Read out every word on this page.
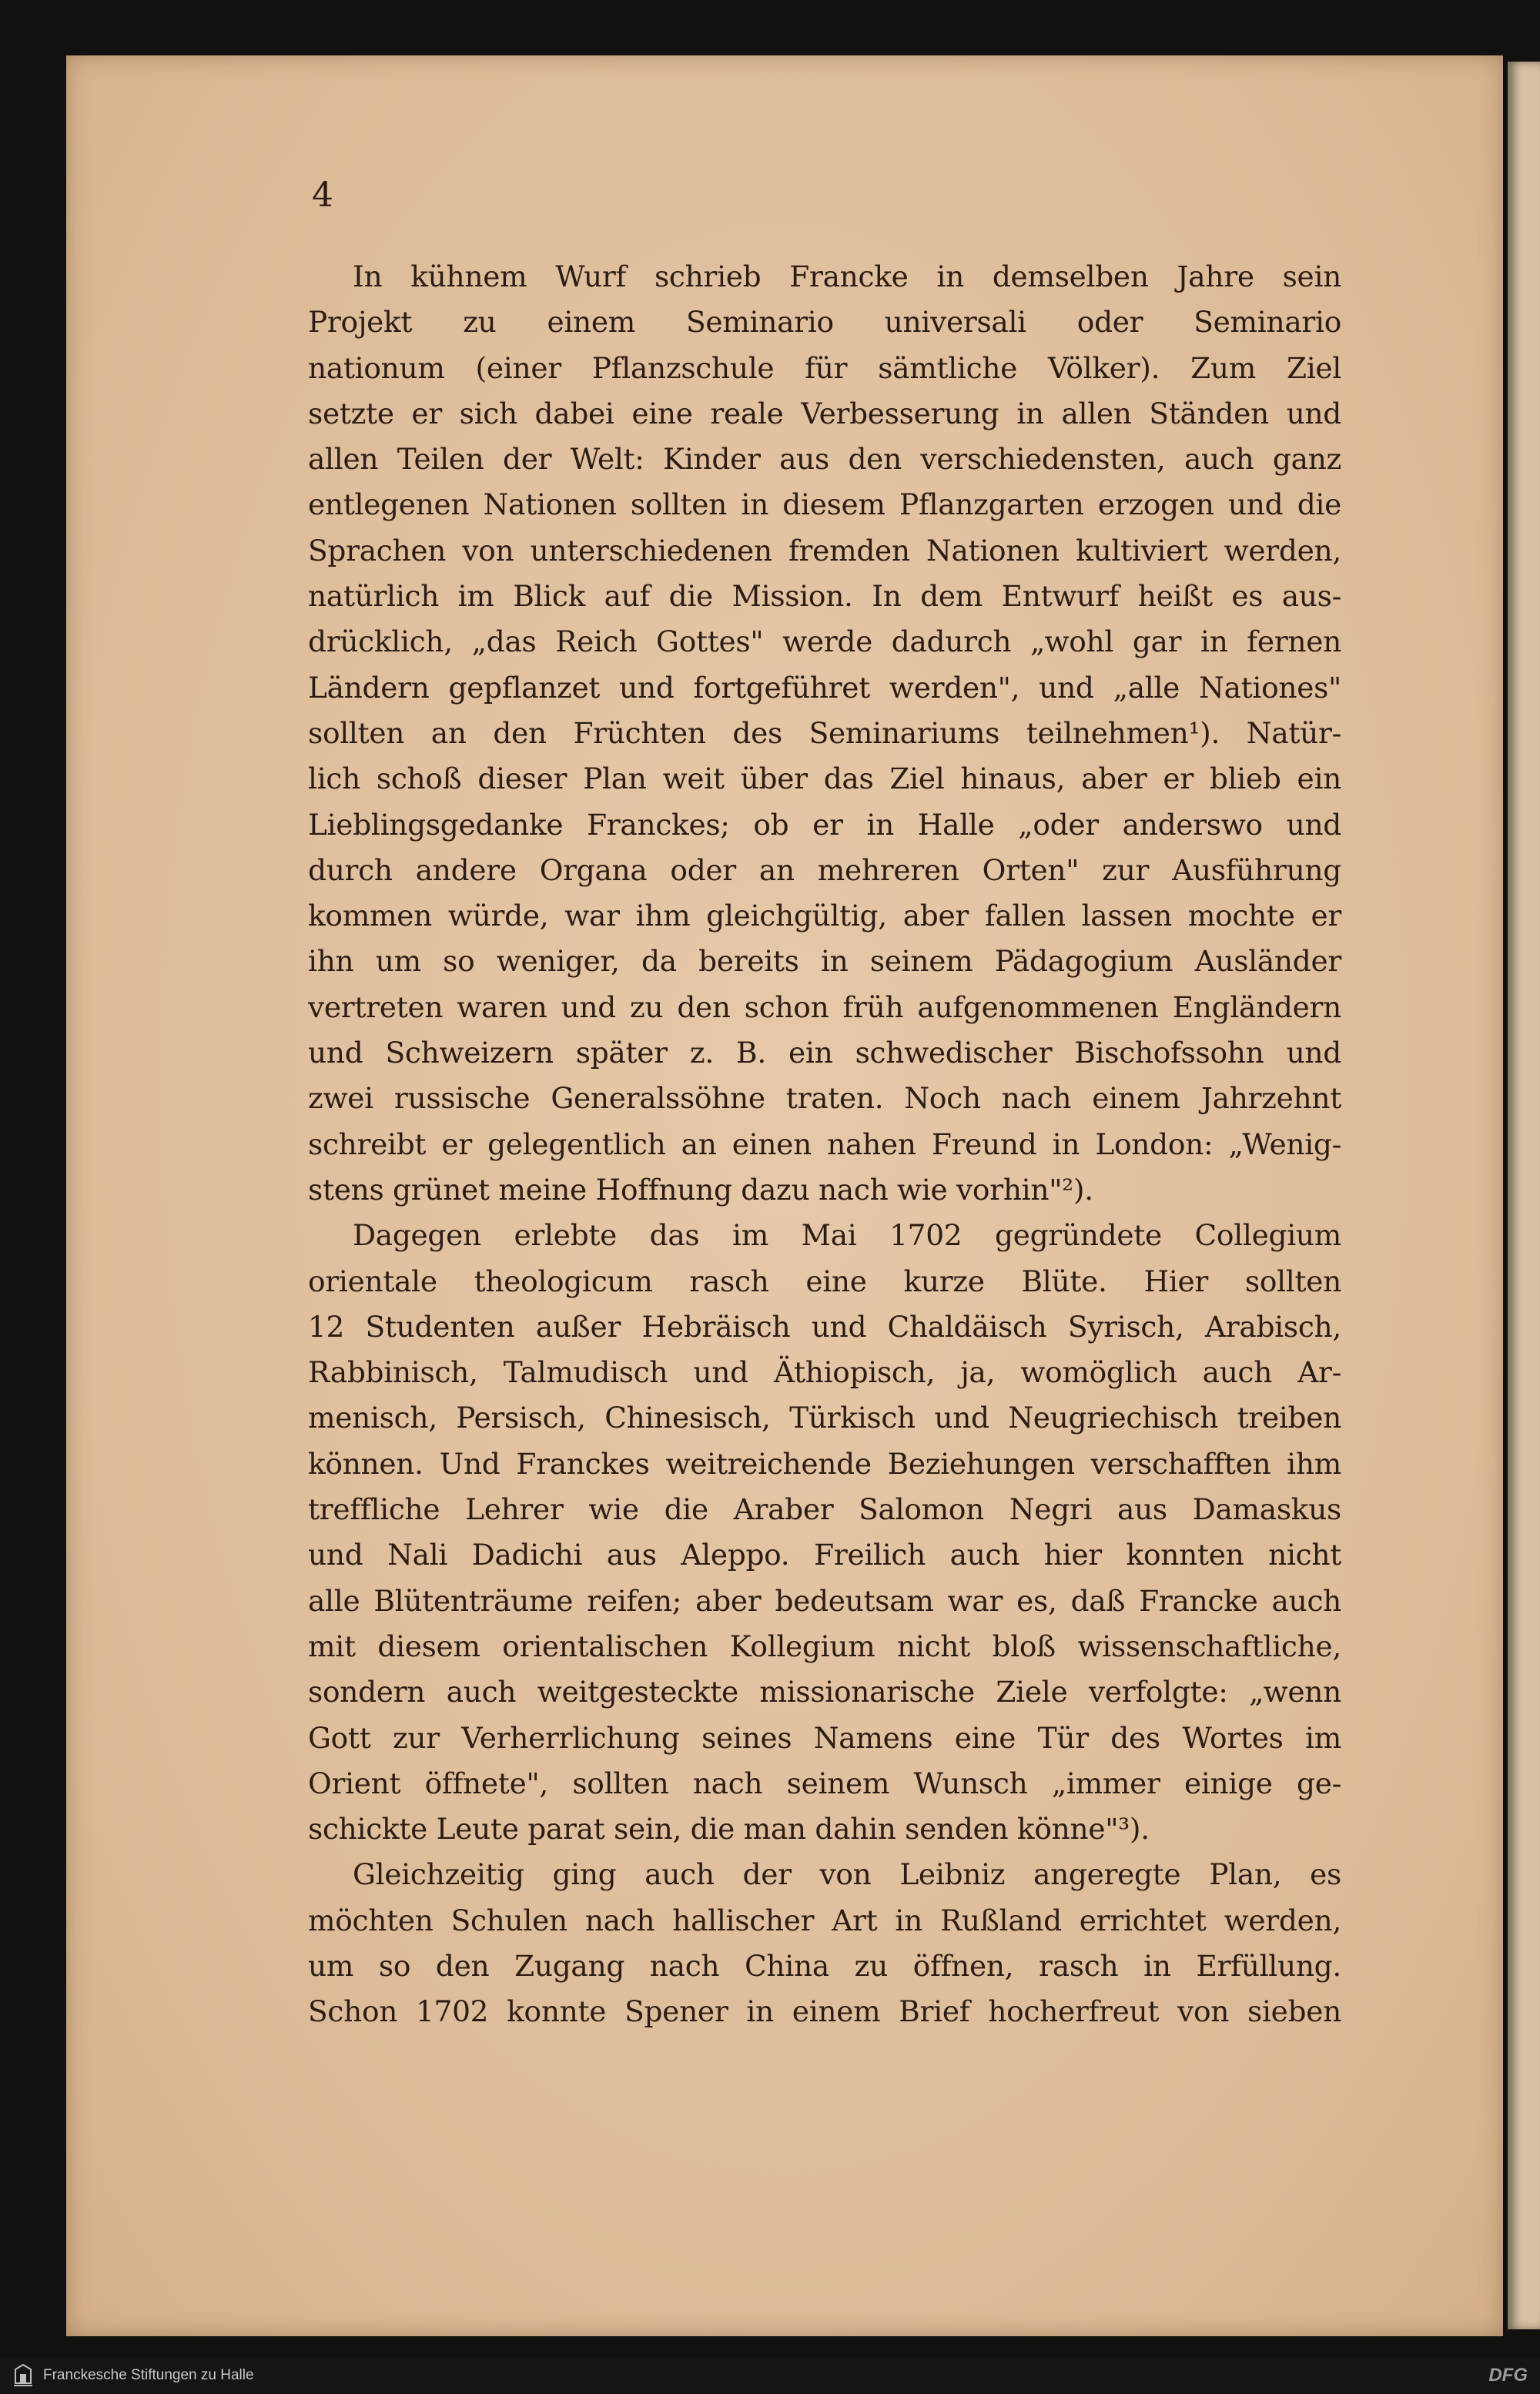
4

In kühnem Wurf schrieb Francke in demselben Jahre sein
Projekt zu einem Seminario universali oder Seminario
nationum (einer Pflanzschule für sämtliche Völker). Zum Ziel
setzte er sich dabei eine reale Verbesserung in allen Ständen und
allen Teilen der Welt: Kinder aus den verschiedensten, auch ganz
entlegenen Nationen sollten in diesem Pflanzgarten erzogen und die
Sprachen von unterschiedenen fremden Nationen kultiviert werden,
natürlich im Blick auf die Mission. In dem Entwurf heißt es aus-
drücklich, „das Reich Gottes" werde dadurch „wohl gar in fernen
Ländern gepflanzet und fortgeführet werden", und „alle Nationes"
sollten an den Früchten des Seminariums teilnehmen¹). Natür-
lich schoß dieser Plan weit über das Ziel hinaus, aber er blieb ein
Lieblingsgedanke Franckes; ob er in Halle „oder anderswo und
durch andere Organa oder an mehreren Orten" zur Ausführung
kommen würde, war ihm gleichgültig, aber fallen lassen mochte er
ihn um so weniger, da bereits in seinem Pädagogium Ausländer
vertreten waren und zu den schon früh aufgenommenen Engländern
und Schweizern später z. B. ein schwedischer Bischofssohn und
zwei russische Generalssöhne traten. Noch nach einem Jahrzehnt
schreibt er gelegentlich an einen nahen Freund in London: „Wenig-

stens grünet meine Hoffnung dazu nach wie vorhin"²).

Dagegen erlebte das im Mai 1702 gegründete Collegium
orientale theologicum rasch eine kurze Blüte. Hier sollten
12 Studenten außer Hebräisch und Chaldäisch Syrisch, Arabisch,
Rabbinisch, Talmudisch und Äthiopisch, ja, womöglich auch Ar-
menisch, Persisch, Chinesisch, Türkisch und Neugriechisch treiben
können. Und Franckes weitreichende Beziehungen verschafften ihm
treffliche Lehrer wie die Araber Salomon Negri aus Damaskus
und Nali Dadichi aus Aleppo. Freilich auch hier konnten nicht
alle Blütenträume reifen; aber bedeutsam war es, daß Francke auch
mit diesem orientalischen Kollegium nicht bloß wissenschaftliche,
sondern auch weitgesteckte missionarische Ziele verfolgte: „wenn
Gott zur Verherrlichung seines Namens eine Tür des Wortes im
Orient öffnete", sollten nach seinem Wunsch „immer einige ge-

schickte Leute parat sein, die man dahin senden könne"³).

Gleichzeitig ging auch der von Leibniz angeregte Plan, es
möchten Schulen nach hallischer Art in Rußland errichtet werden,
um so den Zugang nach China zu öffnen, rasch in Erfüllung.
Schon 1702 konnte Spener in einem Brief hocherfreut von sieben

Franckesche Stiftungen zu Halle	DFG
